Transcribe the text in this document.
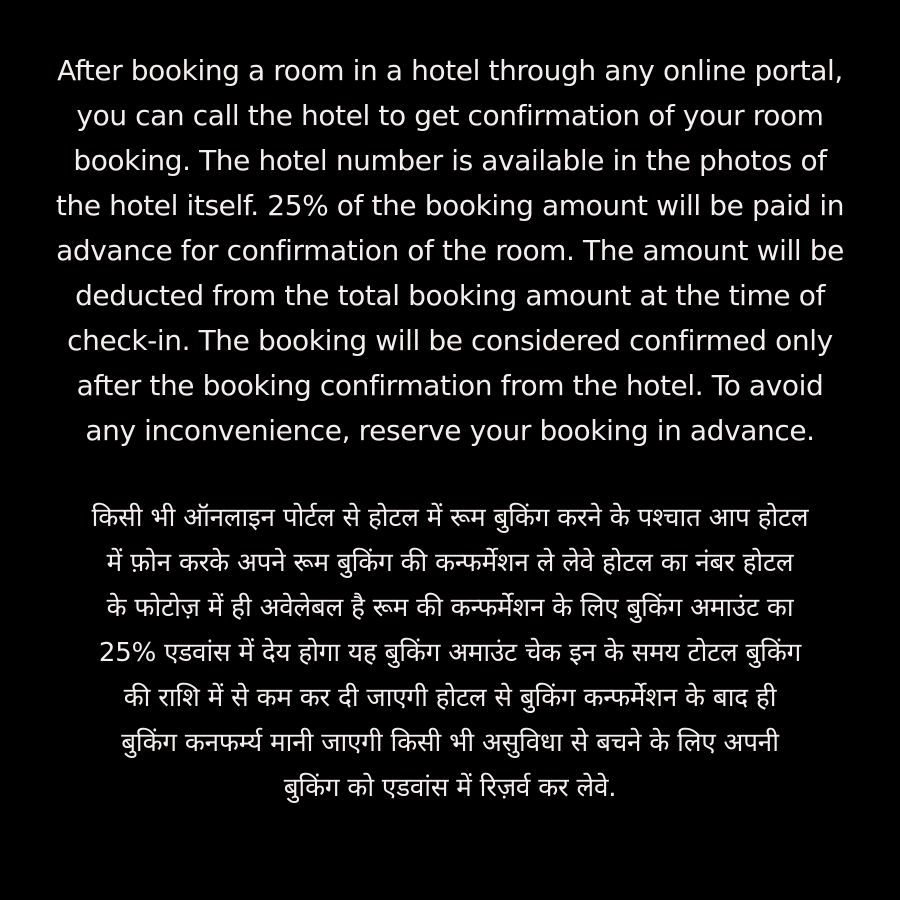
After booking a room in a hotel through any online portal,
you can call the hotel to get confirmation of your room
booking. The hotel number is available in the photos of
the hotel itself. 25% of the booking amount will be paid in
advance for confirmation of the room. The amount will be
deducted from the total booking amount at the time of
check-in. The booking will be considered confirmed only
after the booking confirmation from the hotel. To avoid
any inconvenience, reserve your booking in advance.

किसी भी ऑनलाइन पोर्टल से होटल में रूम बुकिंग करने के पश्चात आप होटल
में फ़ोन करके अपने रूम बुकिंग की कन्फर्मेशन ले लेवे होटल का नंबर होटल
के फोटोज़ में ही अवेलेबल है रूम की कन्फर्मेशन के लिए बुकिंग अमाउंट का
25% एडवांस में देय होगा यह बुकिंग अमाउंट चेक इन के समय टोटल बुकिंग
की राशि में से कम कर दी जाएगी होटल से बुकिंग कन्फर्मेशन के बाद ही
बुकिंग कनफर्म्य मानी जाएगी किसी भी असुविधा से बचने के लिए अपनी
बुकिंग को एडवांस में रिज़र्व कर लेवे.
